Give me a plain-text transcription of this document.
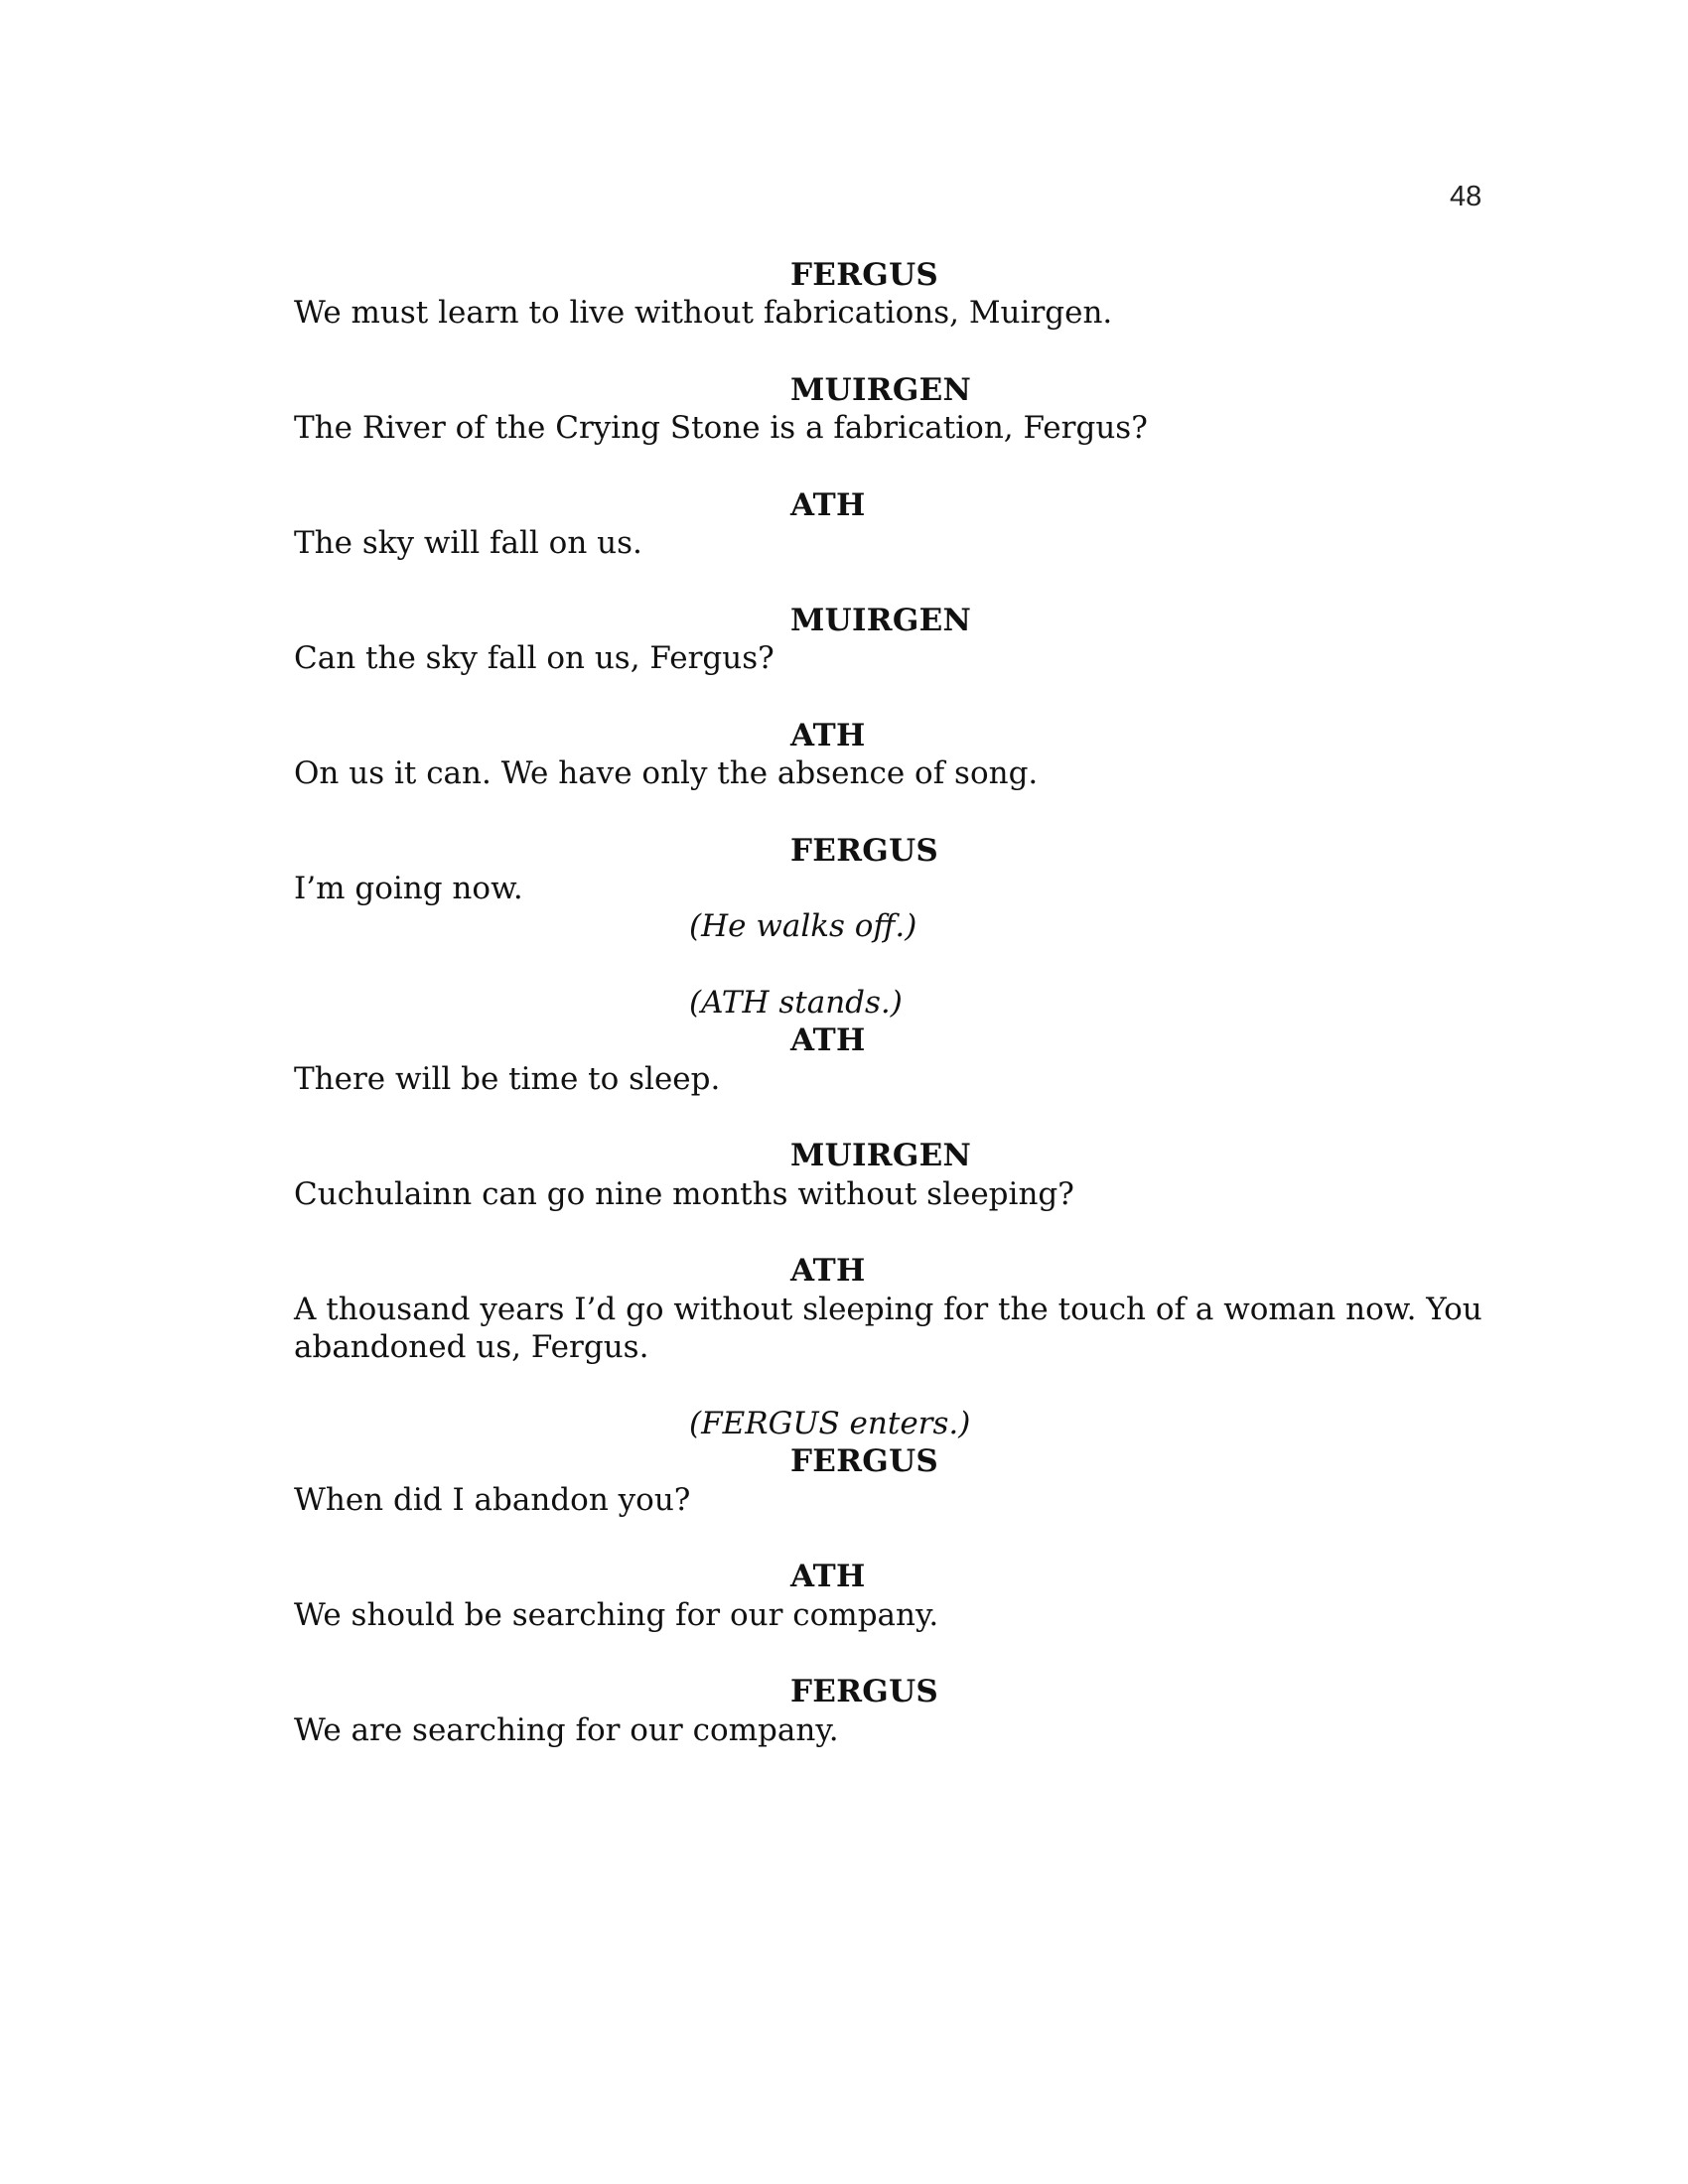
48
FERGUS
We must learn to live without fabrications, Muirgen.
MUIRGEN
The River of the Crying Stone is a fabrication, Fergus?
ATH
The sky will fall on us.
MUIRGEN
Can the sky fall on us, Fergus?
ATH
On us it can. We have only the absence of song.
FERGUS
I’m going now.
(He walks off.)
(ATH stands.)
ATH
There will be time to sleep.
MUIRGEN
Cuchulainn can go nine months without sleeping?
ATH
A thousand years I’d go without sleeping for the touch of a woman now. You
abandoned us, Fergus.
(FERGUS enters.)
FERGUS
When did I abandon you?
ATH
We should be searching for our company.
FERGUS
We are searching for our company.
